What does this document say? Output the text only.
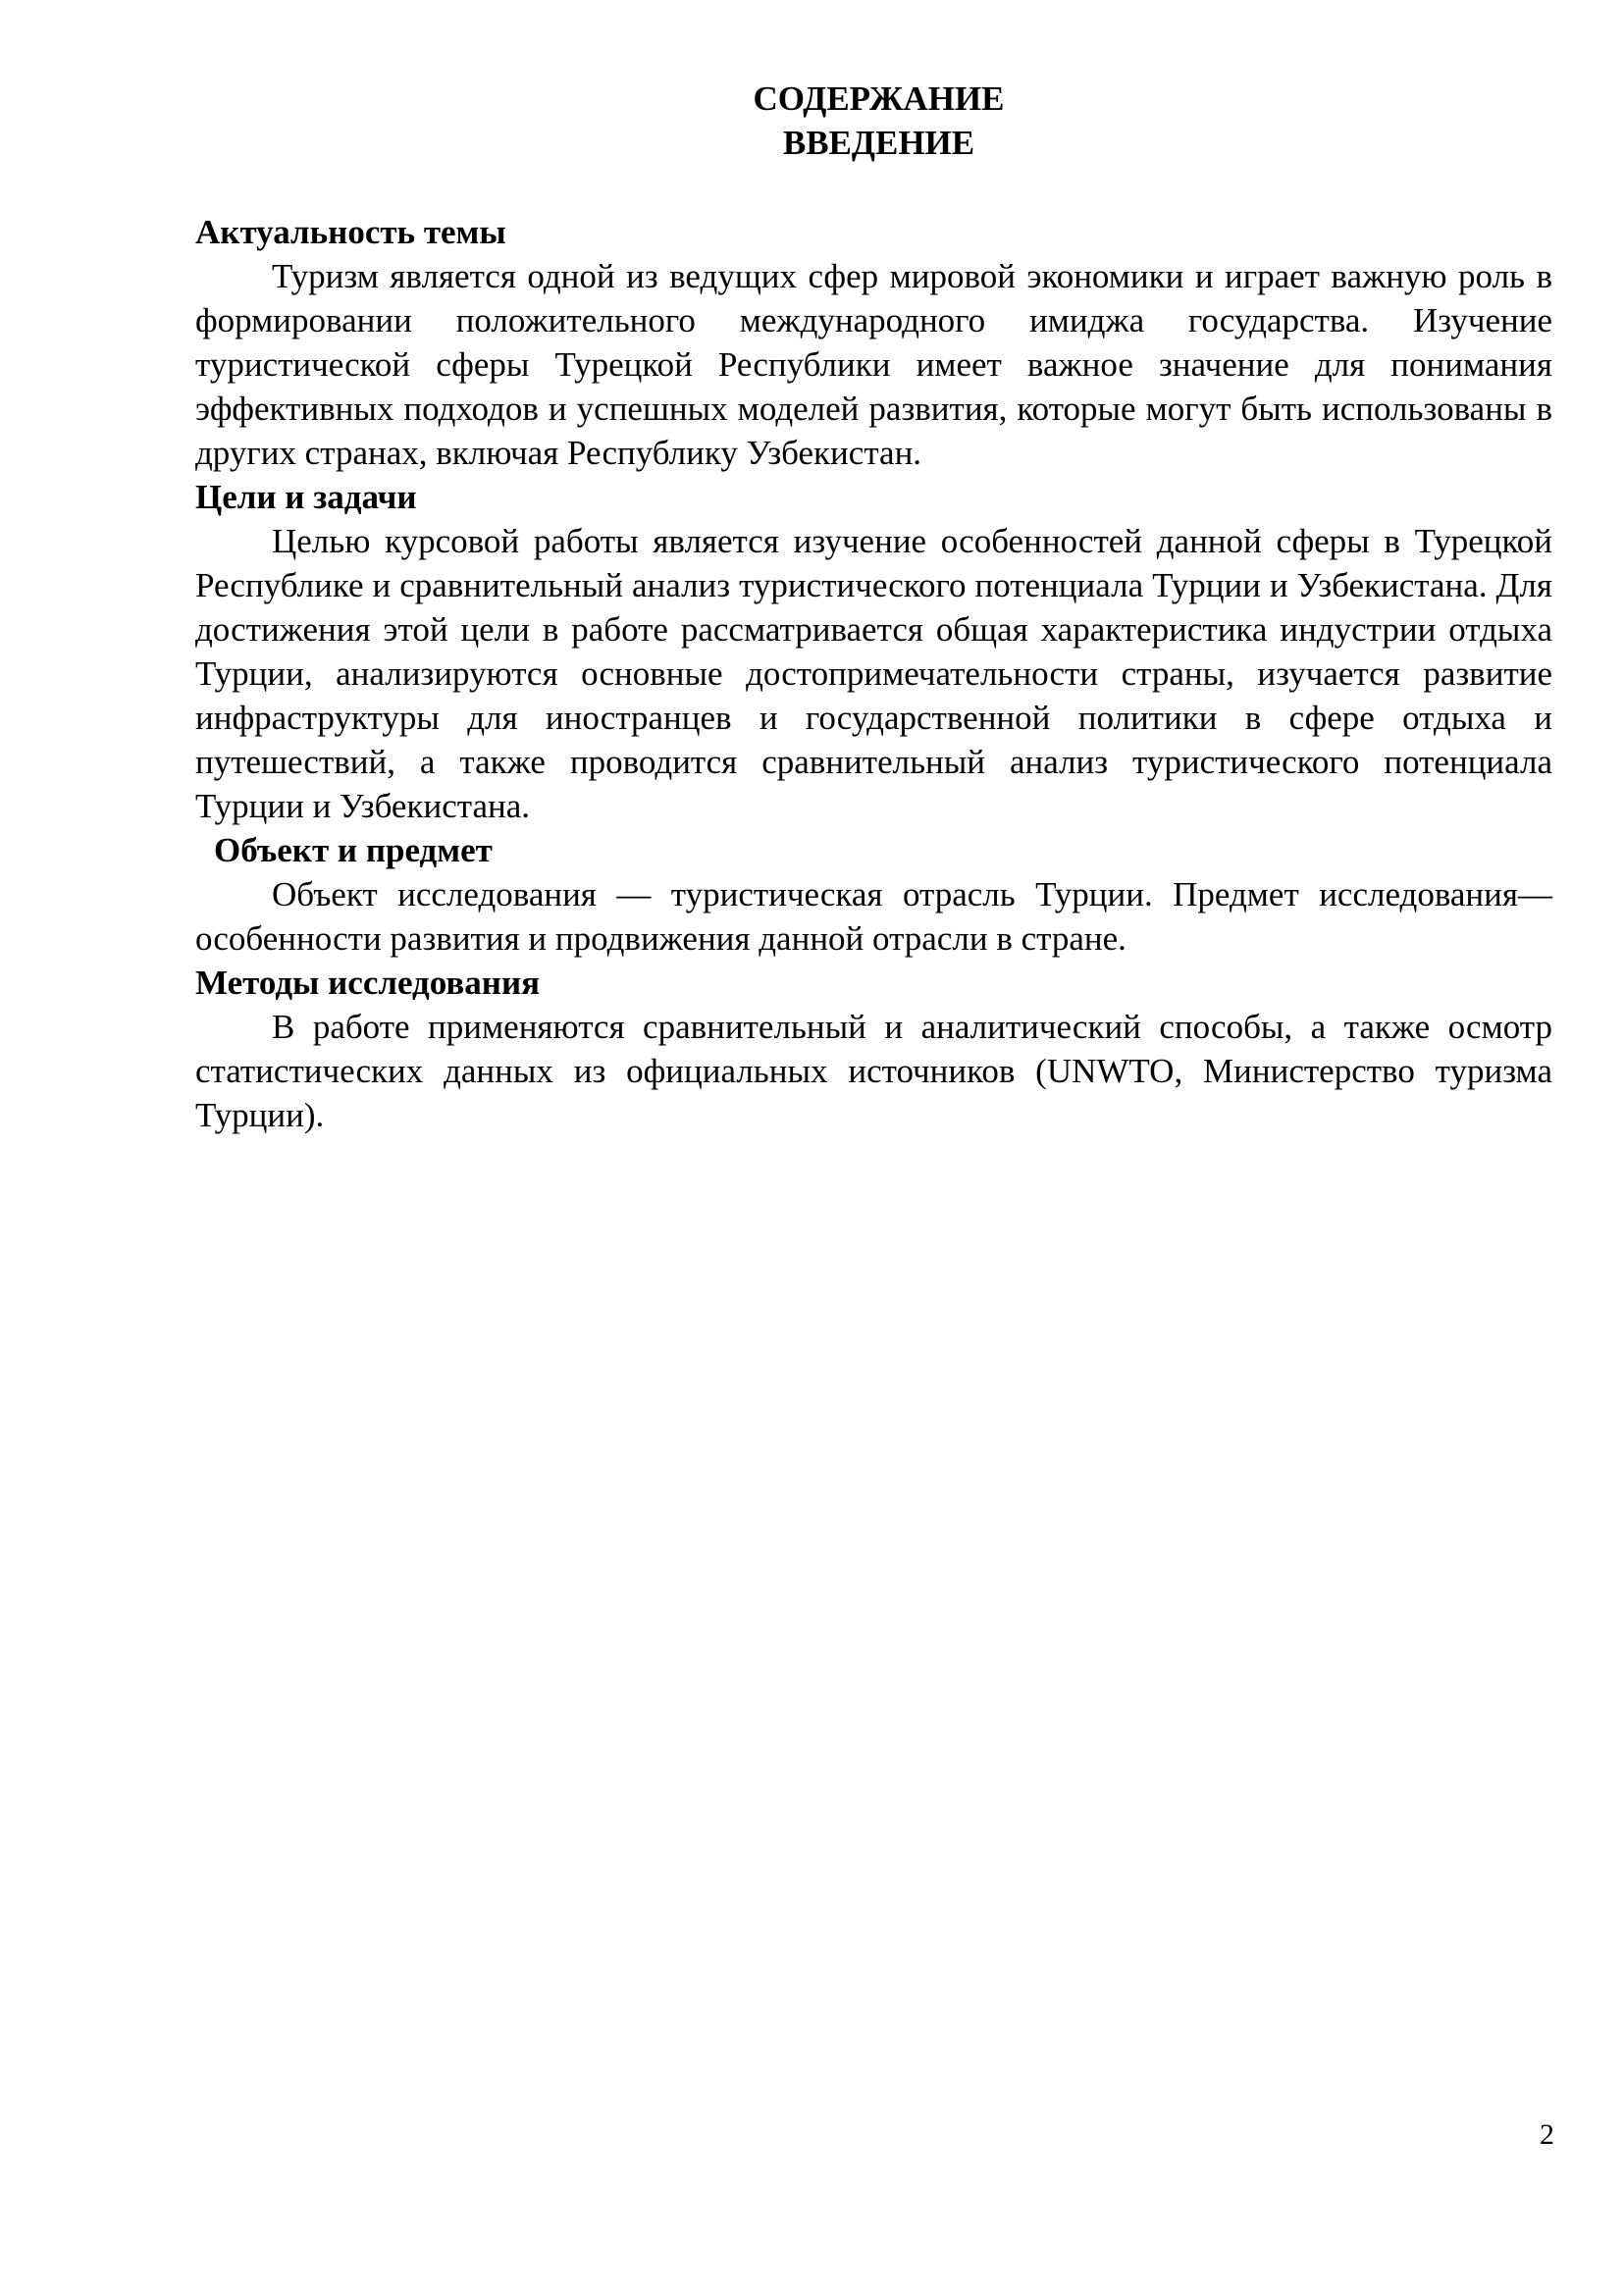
СОДЕРЖАНИЕ
ВВЕДЕНИЕ

Актуальность темы

Туризм является одной из ведущих сфер мировой экономики и играет важную роль в формировании положительного международного имиджа государства. Изучение туристической сферы Турецкой Республики имеет важное значение для понимания эффективных подходов и успешных моделей развития, которые могут быть использованы в других странах, включая Республику Узбекистан.

Цели и задачи

Целью курсовой работы является изучение особенностей данной сферы в Турецкой Республике и сравнительный анализ туристического потенциала Турции и Узбекистана. Для достижения этой цели в работе рассматривается общая характеристика индустрии отдыха Турции, анализируются основные достопримечательности страны, изучается развитие инфраструктуры для иностранцев и государственной политики в сфере отдыха и путешествий, а также проводится сравнительный анализ туристического потенциала Турции и Узбекистана.

Объект и предмет

Объект исследования — туристическая отрасль Турции. Предмет исследования— особенности развития и продвижения данной отрасли в стране.

Методы исследования

В работе применяются сравнительный и аналитический способы, а также осмотр статистических данных из официальных источников (UNWTO, Министерство туризма Турции).

2
